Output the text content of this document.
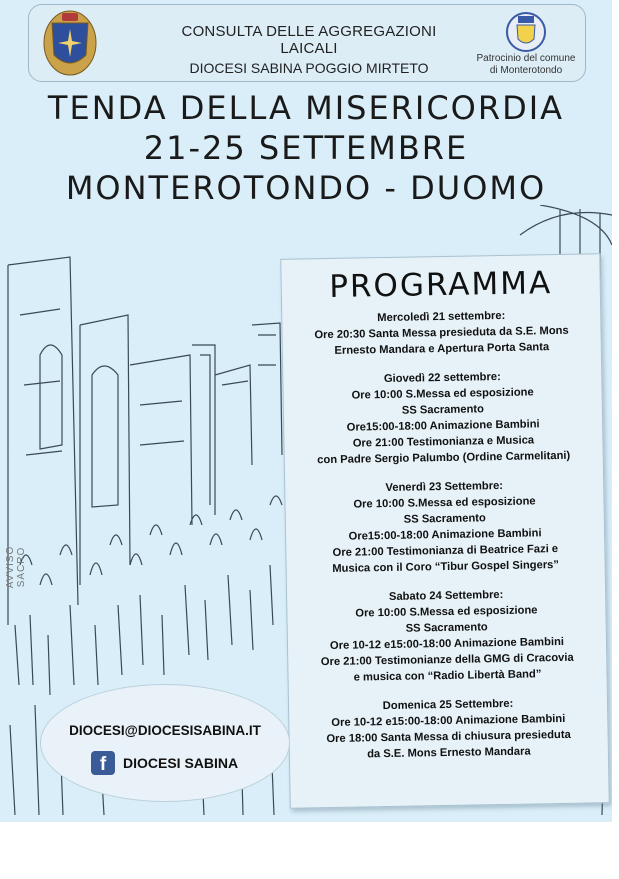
CONSULTA DELLE AGGREGAZIONI LAICALI
DIOCESI SABINA POGGIO MIRTETO
Patrocinio del comune
di Monterotondo
TENDA DELLA MISERICORDIA
21-25 SETTEMBRE
MONTEROTONDO - DUOMO
AVVISO SACRO
PROGRAMMA
Mercoledì 21 settembre:
Ore 20:30 Santa Messa presieduta da S.E. Mons
Ernesto Mandara e Apertura Porta Santa
Giovedì 22 settembre:
Ore 10:00 S.Messa ed esposizione
SS Sacramento
Ore15:00-18:00 Animazione Bambini
Ore 21:00 Testimonianza e Musica
con Padre Sergio Palumbo (Ordine Carmelitani)
Venerdì 23 Settembre:
Ore 10:00 S.Messa ed esposizione
SS Sacramento
Ore15:00-18:00 Animazione Bambini
Ore 21:00 Testimonianza di Beatrice Fazi e
Musica con il Coro “Tibur Gospel Singers”
Sabato 24 Settembre:
Ore 10:00 S.Messa ed esposizione
SS Sacramento
Ore 10-12 e15:00-18:00 Animazione Bambini
Ore 21:00 Testimonianze della GMG di Cracovia
e musica con “Radio Libertà Band”
Domenica 25 Settembre:
Ore 10-12 e15:00-18:00 Animazione Bambini
Ore 18:00 Santa Messa di chiusura presieduta
da S.E. Mons Ernesto Mandara
DIOCESI@DIOCESISABINA.IT
f	DIOCESI SABINA
